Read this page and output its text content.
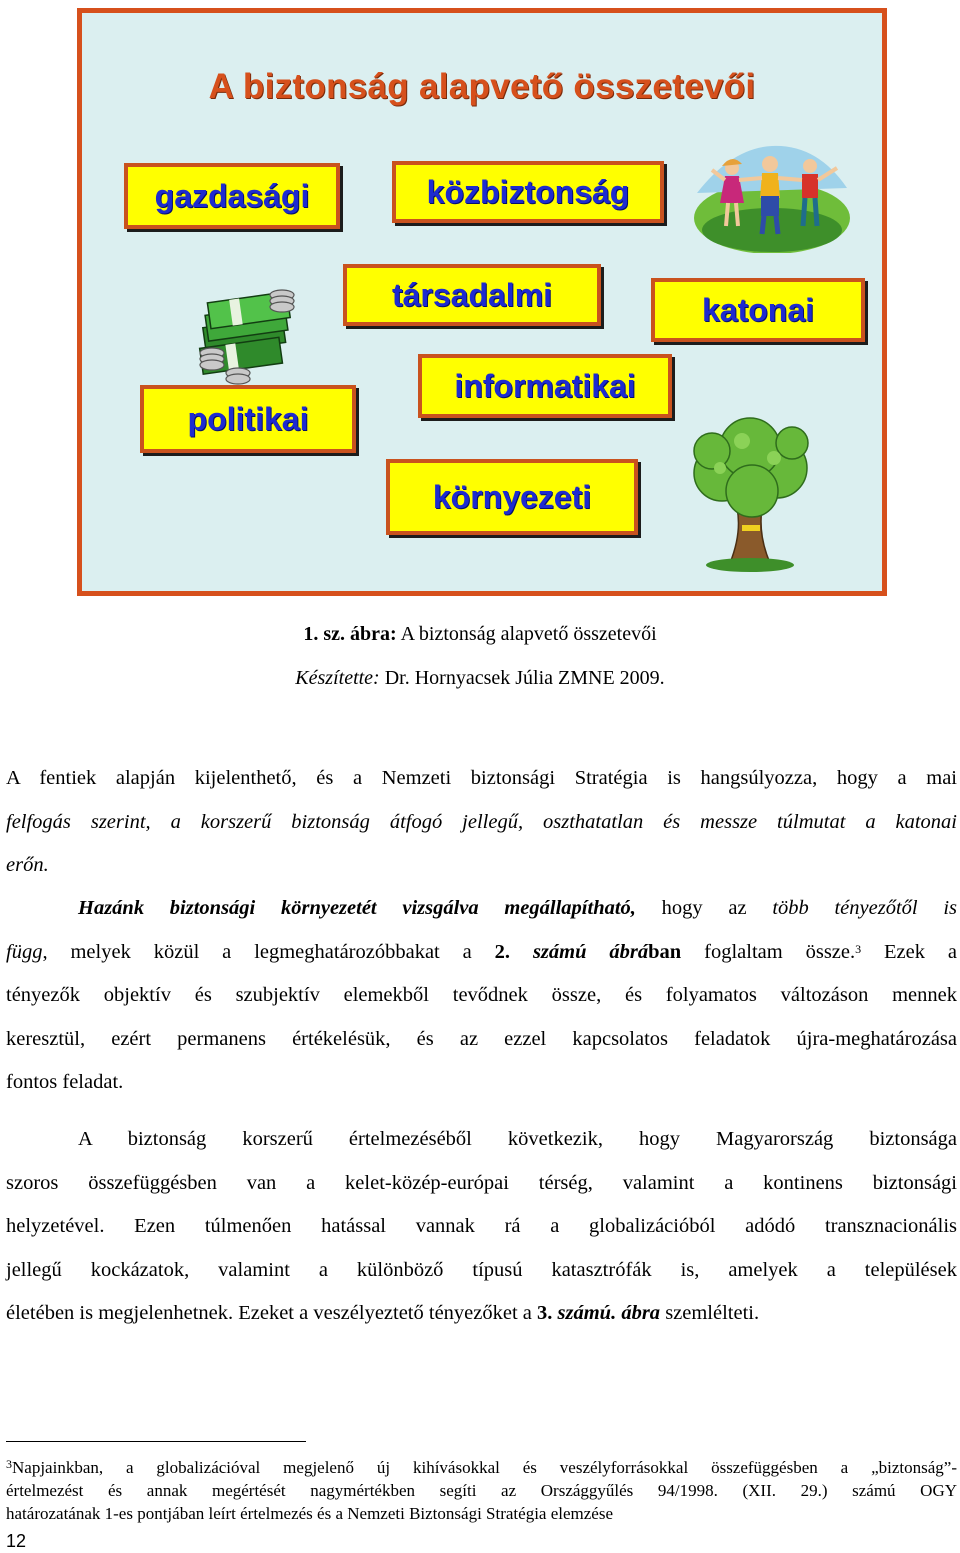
A biztonság alapvető összetevői
gazdasági	közbiztonság
társadalmi	katonai
informatikai
politikai
környezeti
1. sz. ábra: A biztonság alapvető összetevői
Készítette: Dr. Hornyacsek Júlia ZMNE 2009.
A fentiek alapján kijelenthető, és a Nemzeti biztonsági Stratégia is hangsúlyozza, hogy a mai
felfogás szerint, a korszerű biztonság átfogó jellegű, oszthatatlan és messze túlmutat a katonai
erőn.
Hazánk biztonsági környezetét vizsgálva megállapítható, hogy az több tényezőtől is
függ, melyek közül a legmeghatározóbbakat a 2. számú ábrában foglaltam össze.$^3$ Ezek a
tényezők objektív és szubjektív elemekből tevődnek össze, és folyamatos változáson mennek
keresztül, ezért permanens értékelésük, és az ezzel kapcsolatos feladatok újra-meghatározása
fontos feladat.
A biztonság korszerű értelmezéséből következik, hogy Magyarország biztonsága
szoros összefüggésben van a kelet-közép-európai térség, valamint a kontinens biztonsági
helyzetével. Ezen túlmenően hatással vannak rá a globalizációból adódó transznacionális
jellegű kockázatok, valamint a különböző típusú katasztrófák is, amelyek a települések
életében is megjelenhetnek. Ezeket a veszélyeztető tényezőket a 3. számú. ábra szemlélteti.
$^3$Napjainkban, a globalizációval megjelenő új kihívásokkal és veszélyforrásokkal összefüggésben a „biztonság”-
értelmezést és annak megértését nagymértékben segíti az Országgyűlés 94/1998. (XII. 29.) számú OGY
határozatának 1-es pontjában leírt értelmezés és a Nemzeti Biztonsági Stratégia elemzése
12
